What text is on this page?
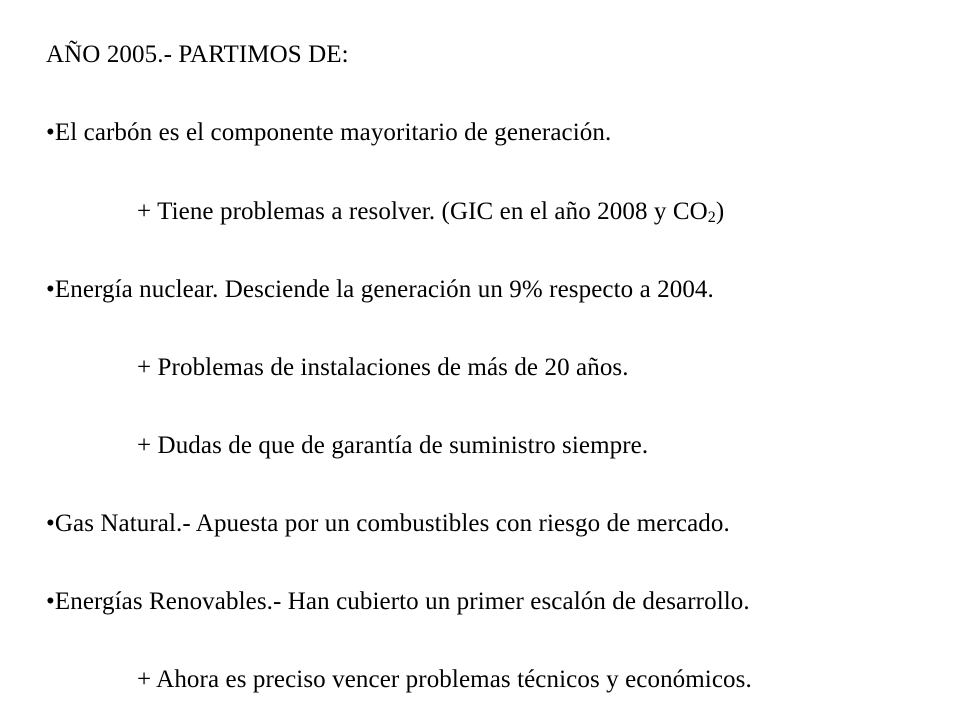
AÑO 2005.- PARTIMOS DE:
•El carbón es el componente mayoritario de generación.
+ Tiene problemas a resolver. (GIC en el año 2008 y CO2)
•Energía nuclear. Desciende la generación un 9% respecto a 2004.
+ Problemas de instalaciones de más de 20 años.
+ Dudas de que de garantía de suministro siempre.
•Gas Natural.- Apuesta por un combustibles con riesgo de mercado.
•Energías Renovables.- Han cubierto un primer escalón de desarrollo.
+ Ahora es preciso vencer problemas técnicos y económicos.
